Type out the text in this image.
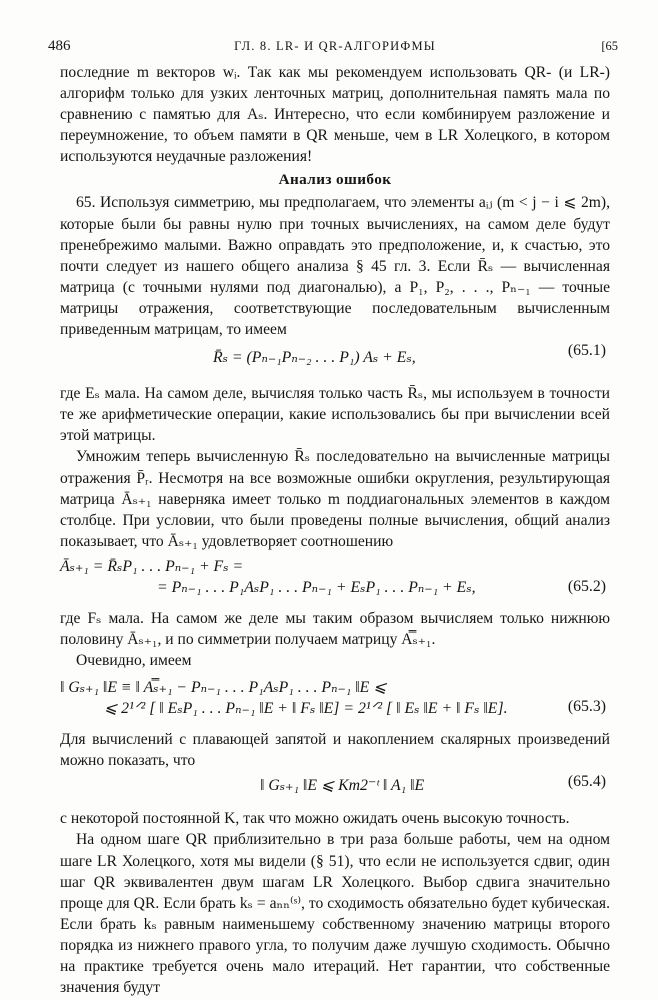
486	ГЛ. 8. LR- И QR-АЛГОРИФМЫ	[65

последние m векторов wᵢ. Так как мы рекомендуем использовать QR- (и LR-) алгорифм только для узких ленточных матриц, дополнительная память мала по сравнению с памятью для Aₛ. Интересно, что если комбинируем разложение и переумножение, то объем памяти в QR меньше, чем в LR Холецкого, в котором используются неудачные разложения!

Анализ ошибок

65. Используя симметрию, мы предполагаем, что элементы aᵢⱼ (m < j − i ⩽ 2m), которые были бы равны нулю при точных вычислениях, на самом деле будут пренебрежимо малыми. Важно оправдать это предположение, и, к счастью, это почти следует из нашего общего анализа § 45 гл. 3. Если R̄ₛ — вычисленная матрица (с точными нулями под диагональю), а P₁, P₂, . . ., Pₙ₋₁ — точные матрицы отражения, соответствующие последовательным вычисленным приведенным матрицам, то имеем

R̄ₛ = (Pₙ₋₁Pₙ₋₂ . . . P₁) Aₛ + Eₛ,	(65.1)

где Eₛ мала. На самом деле, вычисляя только часть R̄ₛ, мы используем в точности те же арифметические операции, какие использовались бы при вычислении всей этой матрицы.

Умножим теперь вычисленную R̄ₛ последовательно на вычисленные матрицы отражения P̄ᵣ. Несмотря на все возможные ошибки округления, результирующая матрица Āₛ₊₁ наверняка имеет только m поддиагональных элементов в каждом столбце. При условии, что были проведены полные вычисления, общий анализ показывает, что Āₛ₊₁ удовлетворяет соотношению

Āₛ₊₁ = R̄ₛP₁ . . . Pₙ₋₁ + Fₛ =
= Pₙ₋₁ . . . P₁AₛP₁ . . . Pₙ₋₁ + EₛP₁ . . . Pₙ₋₁ + Eₛ,	(65.2)

где Fₛ мала. На самом же деле мы таким образом вычисляем только нижнюю половину Āₛ₊₁, и по симметрии получаем матрицу A̿ₛ₊₁.

Очевидно, имеем

‖ Gₛ₊₁ ‖E ≡ ‖ A̿ₛ₊₁ − Pₙ₋₁ . . . P₁AₛP₁ . . . Pₙ₋₁ ‖E ⩽
⩽ 2¹ᐟ² [ ‖ EₛP₁ . . . Pₙ₋₁ ‖E + ‖ Fₛ ‖E] = 2¹ᐟ² [ ‖ Eₛ ‖E + ‖ Fₛ ‖E].	(65.3)

Для вычислений с плавающей запятой и накоплением скалярных произведений можно показать, что

‖ Gₛ₊₁ ‖E ⩽ Km2⁻ᵗ ‖ A₁ ‖E	(65.4)

с некоторой постоянной K, так что можно ожидать очень высокую точность.

На одном шаге QR приблизительно в три раза больше работы, чем на одном шаге LR Холецкого, хотя мы видели (§ 51), что если не используется сдвиг, один шаг QR эквивалентен двум шагам LR Холецкого. Выбор сдвига значительно проще для QR. Если брать kₛ = aₙₙ⁽ˢ⁾, то сходимость обязательно будет кубическая. Если брать kₛ равным наименьшему собственному значению матрицы второго порядка из нижнего правого угла, то получим даже лучшую сходимость. Обычно на практике требуется очень мало итераций. Нет гарантии, что собственные значения будут
